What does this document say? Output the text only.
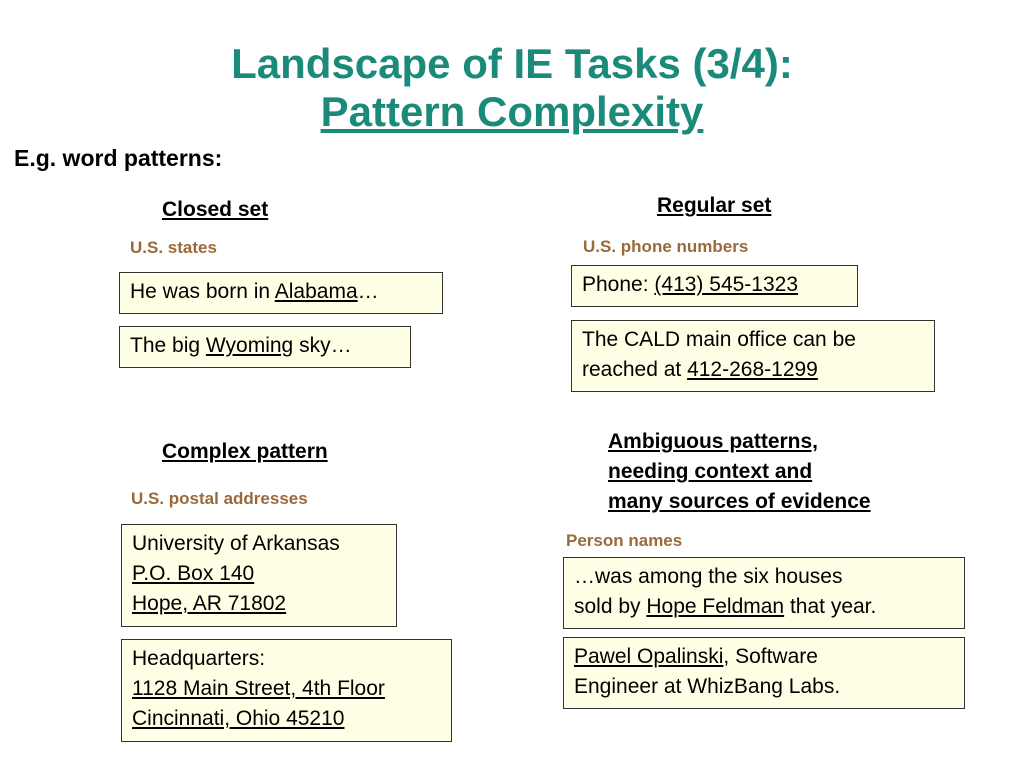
Landscape of IE Tasks (3/4):
Pattern Complexity
E.g. word patterns:
Closed set
U.S. states
He was born in Alabama…
The big Wyoming sky…
Regular set
U.S. phone numbers
Phone: (413) 545-1323
The CALD main office can be
reached at 412-268-1299
Complex pattern
U.S. postal addresses
University of Arkansas
P.O. Box 140
Hope, AR 71802
Headquarters:
1128 Main Street, 4th Floor
Cincinnati, Ohio 45210
Ambiguous patterns,
needing context and
many sources of evidence
Person names
…was among the six houses
sold by Hope Feldman that year.
Pawel Opalinski, Software
Engineer at WhizBang Labs.
